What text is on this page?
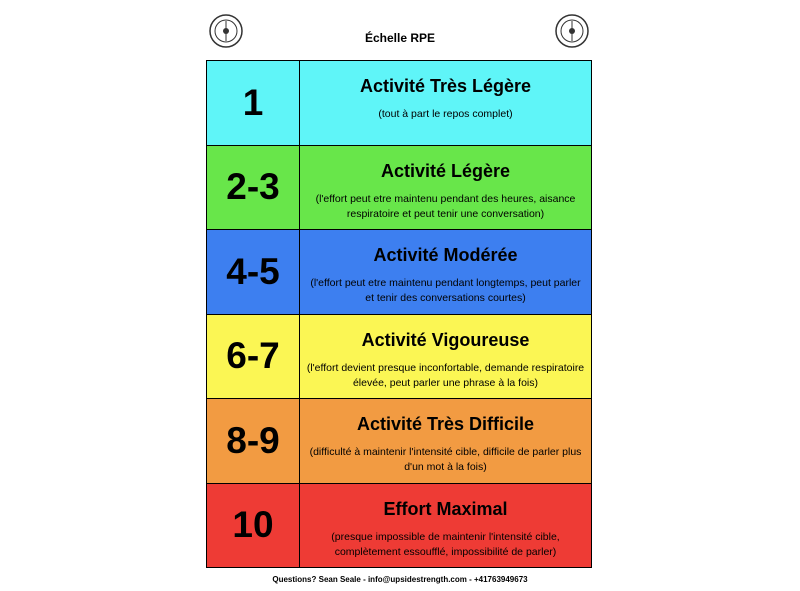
Échelle RPE
1	Activité Très Légère
(tout à part le repos complet)
2-3	Activité Légère
(l'effort peut etre maintenu pendant des heures, aisance respiratoire et peut tenir une conversation)
4-5	Activité Modérée
(l'effort peut etre maintenu pendant longtemps, peut parler et tenir des conversations courtes)
6-7	Activité Vigoureuse
(l'effort devient presque inconfortable, demande respiratoire élevée, peut parler une phrase à la fois)
8-9	Activité Très Difficile
(difficulté à maintenir l'intensité cible, difficile de parler plus d'un mot à la fois)
10	Effort Maximal
(presque impossible de maintenir l'intensité cible, complètement essoufflé, impossibilité de parler)
Questions? Sean Seale - info@upsidestrength.com - +41763949673
